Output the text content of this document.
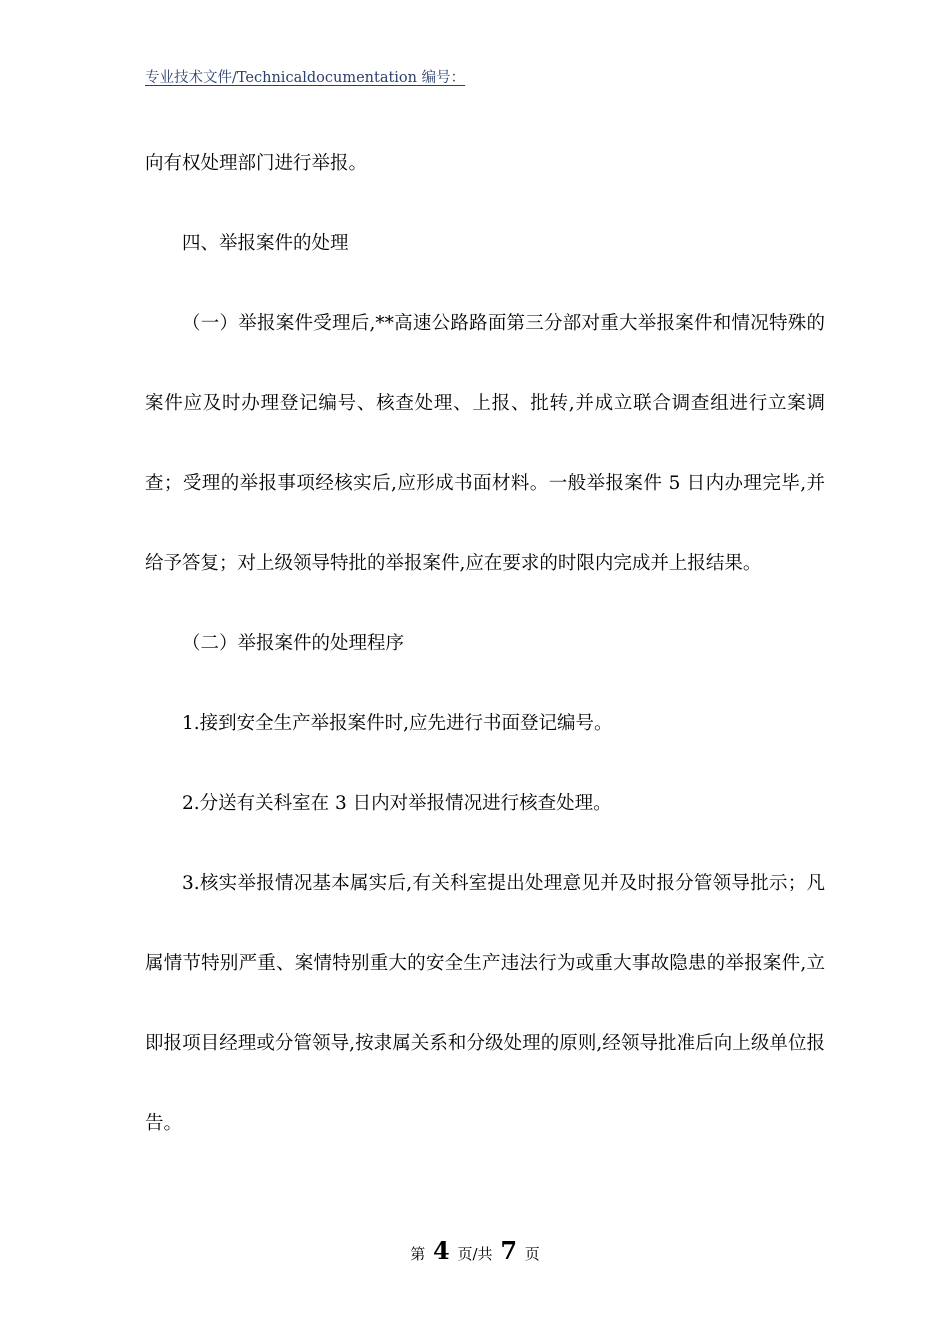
专业技术文件/Technicaldocumentation 编号：

向有权处理部门进行举报。

四、举报案件的处理

（一）举报案件受理后,**高速公路路面第三分部对重大举报案件和情况特殊的案件应及时办理登记编号、核查处理、上报、批转,并成立联合调查组进行立案调查；受理的举报事项经核实后,应形成书面材料。一般举报案件 5 日内办理完毕,并给予答复；对上级领导特批的举报案件,应在要求的时限内完成并上报结果。

（二）举报案件的处理程序

1.接到安全生产举报案件时,应先进行书面登记编号。

2.分送有关科室在 3 日内对举报情况进行核查处理。

3.核实举报情况基本属实后,有关科室提出处理意见并及时报分管领导批示；凡属情节特别严重、案情特别重大的安全生产违法行为或重大事故隐患的举报案件,立即报项目经理或分管领导,按隶属关系和分级处理的原则,经领导批准后向上级单位报告。

第 4 页/共 7 页
